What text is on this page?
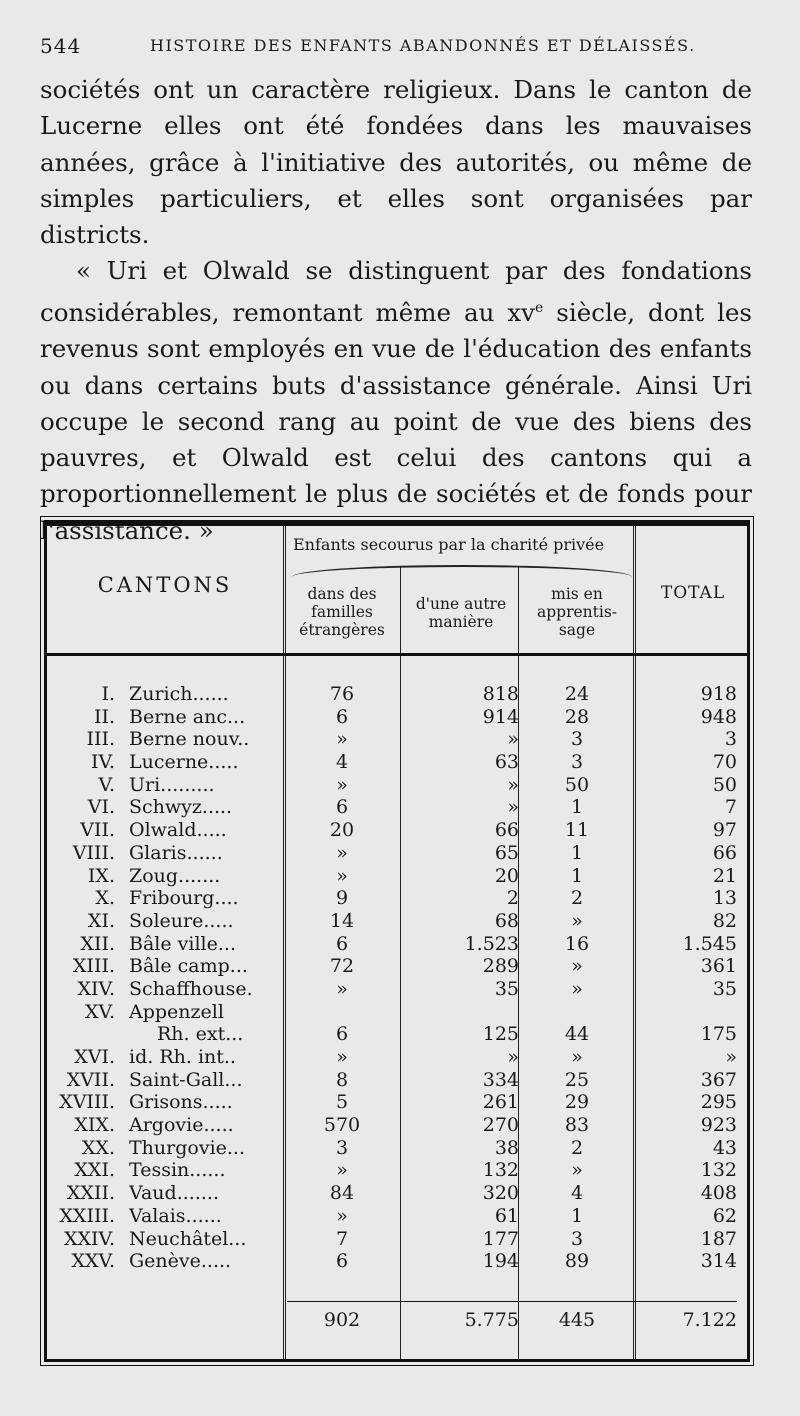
544	HISTOIRE DES ENFANTS ABANDONNÉS ET DÉLAISSÉS.

sociétés ont un caractère religieux. Dans le canton de Lucerne elles ont été fondées dans les mauvaises années, grâce à l'initiative des autorités, ou même de simples particuliers, et elles sont organisées par districts.

« Uri et Olwald se distinguent par des fondations considérables, remontant même au $xv^e$ siècle, dont les revenus sont employés en vue de l'éducation des enfants ou dans certains buts d'assistance générale. Ainsi Uri occupe le second rang au point de vue des biens des pauvres, et Olwald est celui des cantons qui a proportionnellement le plus de sociétés et de fonds pour l'assistance. »

CANTONS
Enfants secourus par la charité privée
dans des familles étrangères
d'une autre manière
mis en apprentis- sage
TOTAL
I. Zurich......	76	818	24	918
II. Berne anc...	6	914	28	948
III. Berne nouv..	»	»	3	3
IV. Lucerne.....	4	63	3	70
V. Uri.........	»	»	50	50
VI. Schwyz.....	6	»	1	7
VII. Olwald.....	20	66	11	97
VIII. Glaris......	»	65	1	66
IX. Zoug.......	»	20	1	21
X. Fribourg....	9	2	2	13
XI. Soleure.....	14	68	»	82
XII. Bâle ville...	6	1.523	16	1.545
XIII. Bâle camp...	72	289	»	361
XIV. Schaffhouse.	»	35	»	35
XV. Appenzell
Rh. ext...	6	125	44	175
XVI. id. Rh. int..	»	»	»	»
XVII. Saint-Gall...	8	334	25	367
XVIII. Grisons.....	5	261	29	295
XIX. Argovie.....	570	270	83	923
XX. Thurgovie...	3	38	2	43
XXI. Tessin......	»	132	»	132
XXII. Vaud.......	84	320	4	408
XXIII. Valais......	»	61	1	62
XXIV. Neuchâtel...	7	177	3	187
XXV. Genève.....	6	194	89	314
902	5.775	445	7.122
